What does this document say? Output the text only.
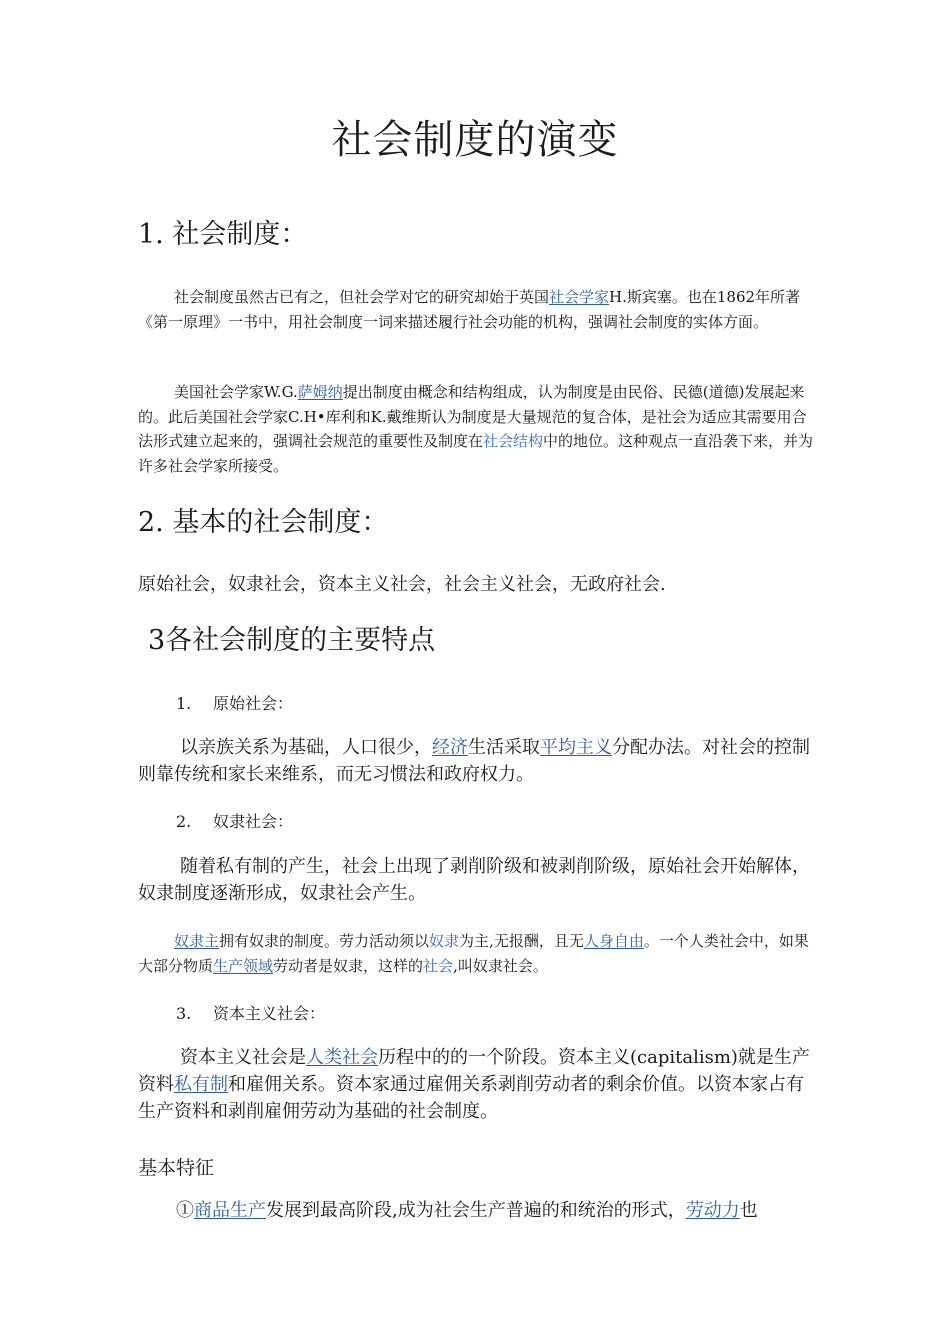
社会制度的演变
1. 社会制度：

社会制度虽然古已有之，但社会学对它的研究却始于英国社会学家H.斯宾塞。也在1862年所著《第一原理》一书中，用社会制度一词来描述履行社会功能的机构，强调社会制度的实体方面。

美国社会学家W.G.萨姆纳提出制度由概念和结构组成，认为制度是由民俗、民德(道德)发展起来的。此后美国社会学家C.H•库利和K.戴维斯认为制度是大量规范的复合体，是社会为适应其需要用合法形式建立起来的，强调社会规范的重要性及制度在社会结构中的地位。这种观点一直沿袭下来，并为许多社会学家所接受。

2. 基本的社会制度：

原始社会，奴隶社会，资本主义社会，社会主义社会，无政府社会.

3各社会制度的主要特点

1. 原始社会：

以亲族关系为基础，人口很少，经济生活采取平均主义分配办法。对社会的控制则靠传统和家长来维系，而无习惯法和政府权力。

2. 奴隶社会：

随着私有制的产生，社会上出现了剥削阶级和被剥削阶级，原始社会开始解体，奴隶制度逐渐形成，奴隶社会产生。

奴隶主拥有奴隶的制度。劳力活动须以奴隶为主,无报酬，且无人身自由。一个人类社会中，如果大部分物质生产领域劳动者是奴隶，这样的社会,叫奴隶社会。

3. 资本主义社会：

资本主义社会是人类社会历程中的的一个阶段。资本主义(capitalism)就是生产资料私有制和雇佣关系。资本家通过雇佣关系剥削劳动者的剩余价值。以资本家占有生产资料和剥削雇佣劳动为基础的社会制度。

基本特征

①商品生产发展到最高阶段,成为社会生产普遍的和统治的形式，劳动力也
